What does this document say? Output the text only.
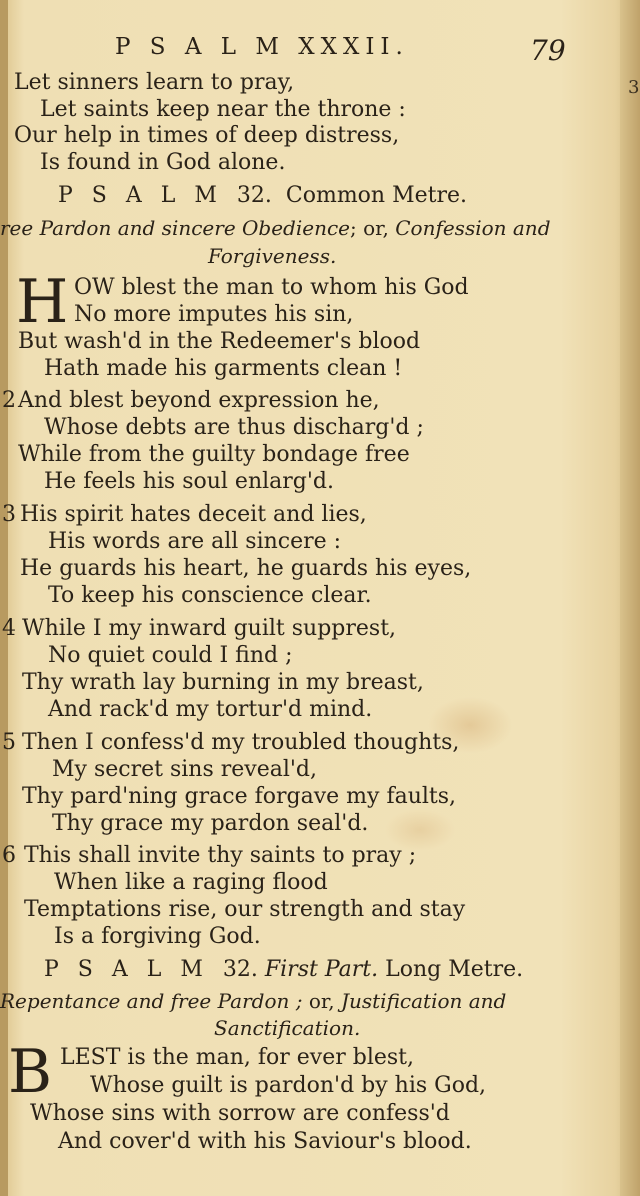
P S A L M XXXII.	79
3
Let sinners learn to pray,
Let saints keep near the throne :
Our help in times of deep distress,
Is found in God alone.
P S A L M 32. Common Metre.
ree Pardon and sincere Obedience; or, Confession and
Forgiveness.
H OW blest the man to whom his God
No more imputes his sin,
But wash'd in the Redeemer's blood
Hath made his garments clean !
2 And blest beyond expression he,
Whose debts are thus discharg'd ;
While from the guilty bondage free
He feels his soul enlarg'd.
3 His spirit hates deceit and lies,
His words are all sincere :
He guards his heart, he guards his eyes,
To keep his conscience clear.
4 While I my inward guilt supprest,
No quiet could I find ;
Thy wrath lay burning in my breast,
And rack'd my tortur'd mind.
5 Then I confess'd my troubled thoughts,
My secret sins reveal'd,
Thy pard'ning grace forgave my faults,
Thy grace my pardon seal'd.
6 This shall invite thy saints to pray ;
When like a raging flood
Temptations rise, our strength and stay
Is a forgiving God.
P S A L M 32. First Part. Long Metre.
Repentance and free Pardon ; or, Justification and
Sanctification.
B LEST is the man, for ever blest,
Whose guilt is pardon'd by his God,
Whose sins with sorrow are confess'd
And cover'd with his Saviour's blood.
